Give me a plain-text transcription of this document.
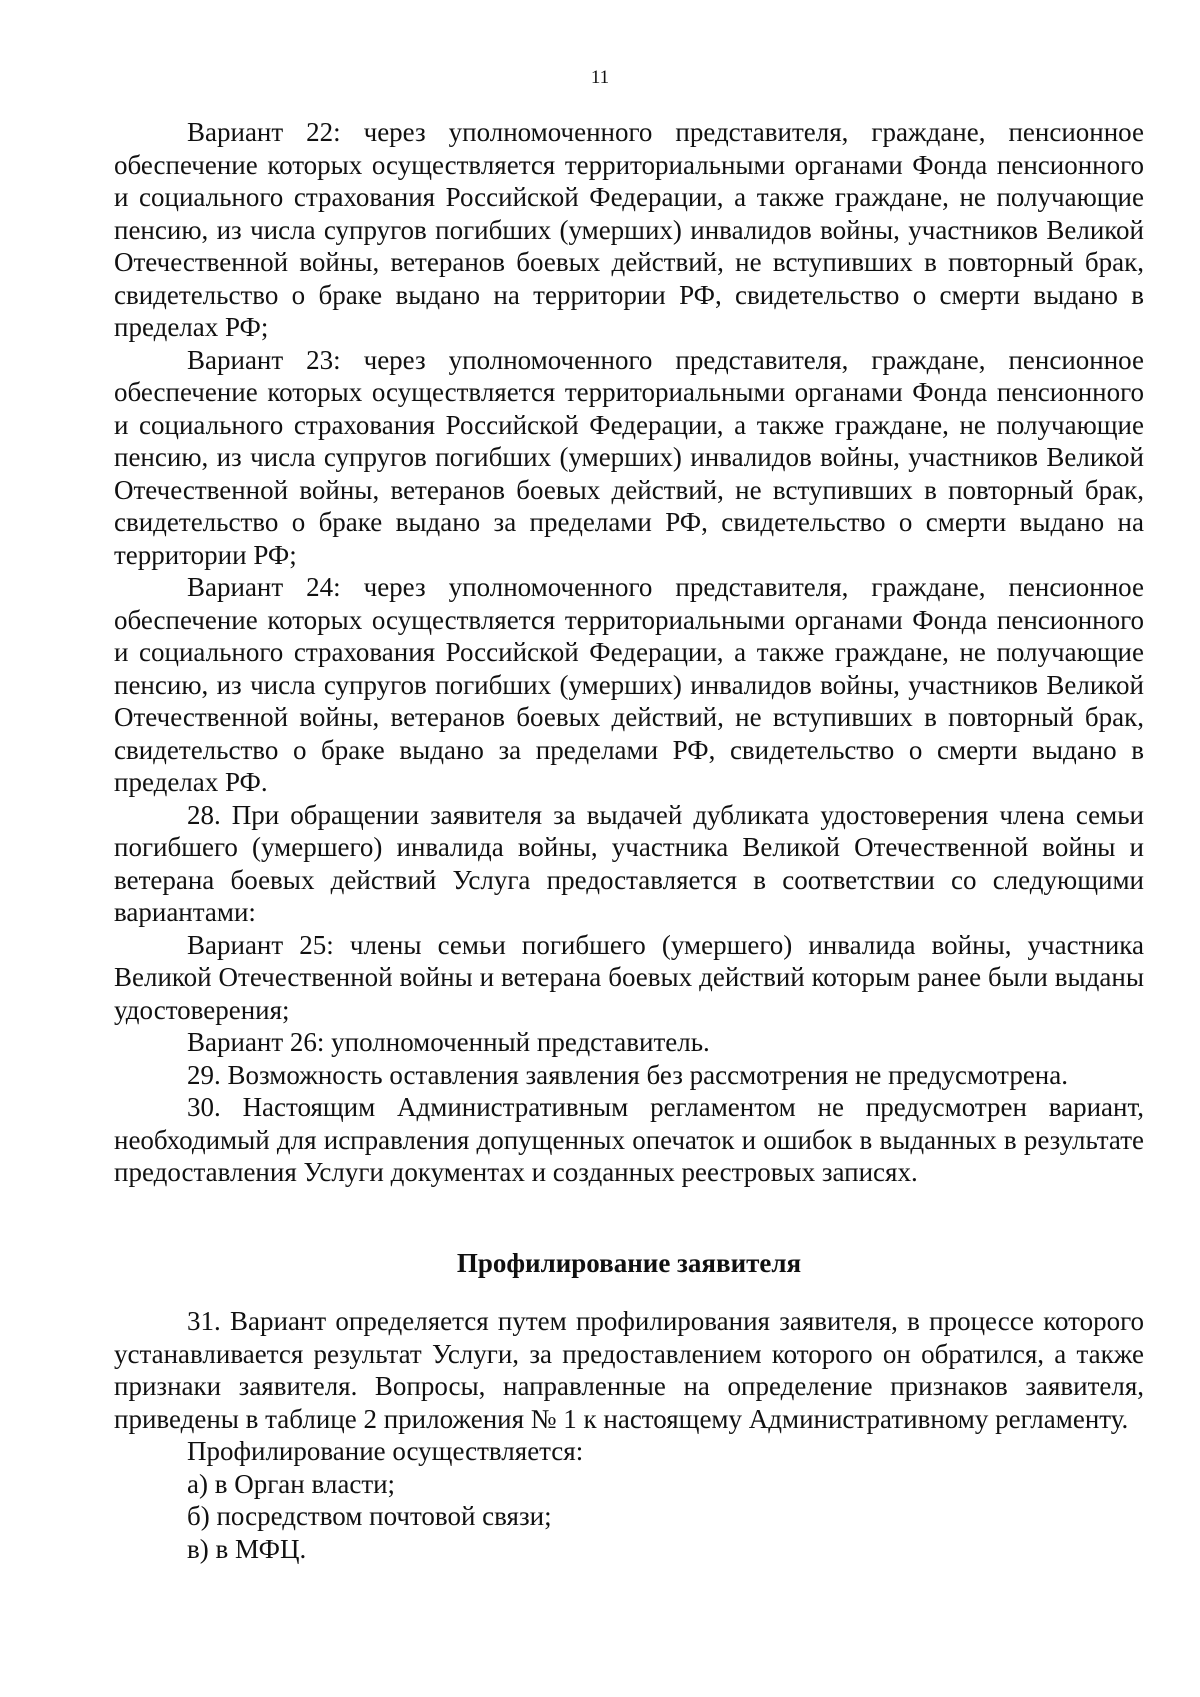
11

Вариант 22: через уполномоченного представителя, граждане, пенсионное обеспечение которых осуществляется территориальными органами Фонда пенсионного и социального страхования Российской Федерации, а также граждане, не получающие пенсию, из числа супругов погибших (умерших) инвалидов войны, участников Великой Отечественной войны, ветеранов боевых действий, не вступивших в повторный брак, свидетельство о браке выдано на территории РФ, свидетельство о смерти выдано в пределах РФ;

Вариант 23: через уполномоченного представителя, граждане, пенсионное обеспечение которых осуществляется территориальными органами Фонда пенсионного и социального страхования Российской Федерации, а также граждане, не получающие пенсию, из числа супругов погибших (умерших) инвалидов войны, участников Великой Отечественной войны, ветеранов боевых действий, не вступивших в повторный брак, свидетельство о браке выдано за пределами РФ, свидетельство о смерти выдано на территории РФ;

Вариант 24: через уполномоченного представителя, граждане, пенсионное обеспечение которых осуществляется территориальными органами Фонда пенсионного и социального страхования Российской Федерации, а также граждане, не получающие пенсию, из числа супругов погибших (умерших) инвалидов войны, участников Великой Отечественной войны, ветеранов боевых действий, не вступивших в повторный брак, свидетельство о браке выдано за пределами РФ, свидетельство о смерти выдано в пределах РФ.

28. При обращении заявителя за выдачей дубликата удостоверения члена семьи погибшего (умершего) инвалида войны, участника Великой Отечественной войны и ветерана боевых действий Услуга предоставляется в соответствии со следующими вариантами:

Вариант 25: члены семьи погибшего (умершего) инвалида войны, участника Великой Отечественной войны и ветерана боевых действий которым ранее были выданы удостоверения;

Вариант 26: уполномоченный представитель.

29. Возможность оставления заявления без рассмотрения не предусмотрена.

30. Настоящим Административным регламентом не предусмотрен вариант, необходимый для исправления допущенных опечаток и ошибок в выданных в результате предоставления Услуги документах и созданных реестровых записях.

Профилирование заявителя

31. Вариант определяется путем профилирования заявителя, в процессе которого устанавливается результат Услуги, за предоставлением которого он обратился, а также признаки заявителя. Вопросы, направленные на определение признаков заявителя, приведены в таблице 2 приложения № 1 к настоящему Административному регламенту.

Профилирование осуществляется:

а) в Орган власти;

б) посредством почтовой связи;

в) в МФЦ.
